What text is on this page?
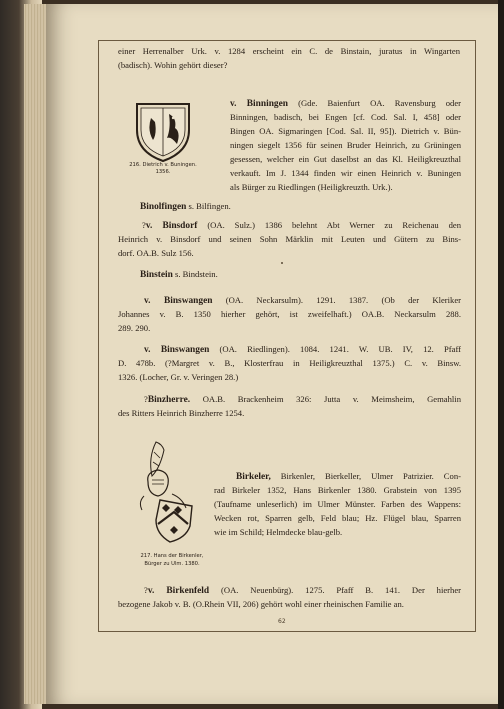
einer Herrenalber Urk. v. 1284 erscheint ein C. de Binstain, juratus in Wingarten
(badisch). Wohin gehört dieser?
216. Dietrich v. Buningen.
1356.
v. Binningen (Gde. Baienfurt OA. Ravensburg oder
Binningen, badisch, bei Engen [cf. Cod. Sal. I, 458] oder
Bingen OA. Sigmaringen [Cod. Sal. II, 95]). Dietrich v. Bün-
ningen siegelt 1356 für seinen Bruder Heinrich, zu Grüningen
gesessen, welcher ein Gut daselbst an das Kl. Heiligkreuzthal
verkauft. Im J. 1344 finden wir einen Heinrich v. Buningen
als Bürger zu Riedlingen (Heiligkreuzth. Urk.).
Binolfingen s. Bilfingen.
?v. Binsdorf (OA. Sulz.) 1386 belehnt Abt Werner zu Reichenau den
Heinrich v. Binsdorf und seinen Sohn Märklin mit Leuten und Gütern zu Bins-
dorf. OA.B. Sulz 156.
Binstein s. Bindstein.
v. Binswangen (OA. Neckarsulm). 1291. 1387. (Ob der Kleriker
Johannes v. B. 1350 hierher gehört, ist zweifelhaft.) OA.B. Neckarsulm 288.
289. 290.
v. Binswangen (OA. Riedlingen). 1084. 1241. W. UB. IV, 12. Pfaff
D. 478b. (?Margret v. B., Klosterfrau in Heiligkreuzthal 1375.) C. v. Binsw.
1326. (Locher, Gr. v. Veringen 28.)
?Binzherre. OA.B. Brackenheim 326: Jutta v. Meimsheim, Gemahlin
des Ritters Heinrich Binzherre 1254.
217. Hans der Birkenler,
Bürger zu Ulm. 1380.
Birkeler, Birkenler, Bierkeller, Ulmer Patrizier. Con-
rad Birkeler 1352, Hans Birkenler 1380. Grabstein von 1395
(Taufname unleserlich) im Ulmer Münster. Farben des Wappens:
Wecken rot, Sparren gelb, Feld blau; Hz. Flügel blau, Sparren
wie im Schild; Helmdecke blau-gelb.
?v. Birkenfeld (OA. Neuenbürg). 1275. Pfaff B. 141. Der hierher
bezogene Jakob v. B. (O.Rhein VII, 206) gehört wohl einer rheinischen Familie an.
62
